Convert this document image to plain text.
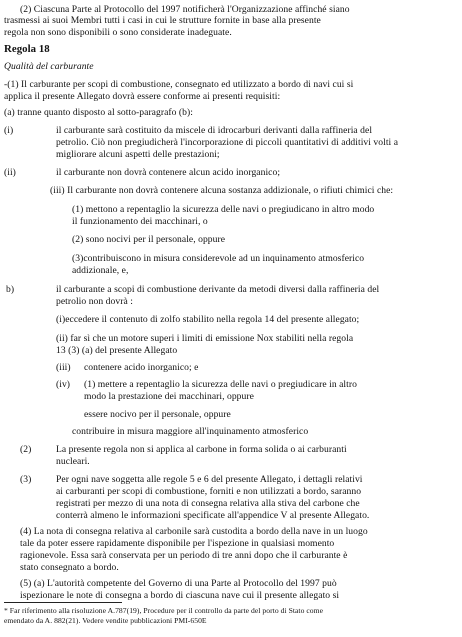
(2) Ciascuna Parte al Protocollo del 1997 notificherà l'Organizzazione affinché siano
trasmessi ai suoi Membri tutti i casi in cui le strutture fornite in base alla presente
regola non sono disponibili o sono considerate inadeguate.
Regola 18
Qualità del carburante
-(1) Il carburante per scopi di combustione, consegnato ed utilizzato a bordo di navi cui si
applica il presente Allegato dovrà essere conforme ai presenti requisiti:
(a) tranne quanto disposto al sotto-paragrafo (b):
(i)	il carburante sarà costituito da miscele di idrocarburi derivanti dalla raffineria del
petrolio. Ciò non pregiudicherà l'incorporazione di piccoli quantitativi di additivi volti a
migliorare alcuni aspetti delle prestazioni;
(ii)	il carburante non dovrà contenere alcun acido inorganico;
(iii) Il carburante non dovrà contenere alcuna sostanza addizionale, o rifiuti chimici che:
(1) mettono a repentaglio la sicurezza delle navi o pregiudicano in altro modo
il funzionamento dei macchinari, o
(2) sono nocivi per il personale, oppure
(3)contribuiscono in misura considerevole ad un inquinamento atmosferico
addizionale, e,
b)	il carburante a scopi di combustione derivante da metodi diversi dalla raffineria del
petrolio non dovrà :
(i)eccedere il contenuto di zolfo stabilito nella regola 14 del presente allegato;
(ii) far sì che un motore superi i limiti di emissione Nox stabiliti nella regola
13 (3) (a) del presente Allegato
(iii) contenere acido inorganico; e
(iv) (1) mettere a repentaglio la sicurezza delle navi o pregiudicare in altro
modo la prestazione dei macchinari, oppure
essere nocivo per il personale, oppure
contribuire in misura maggiore all'inquinamento atmosferico
(2)	La presente regola non si applica al carbone in forma solida o ai carburanti
nucleari.
(3)	Per ogni nave soggetta alle regole 5 e 6 del presente Allegato, i dettagli relativi
ai carburanti per scopi di combustione, forniti e non utilizzati a bordo, saranno
registrati per mezzo di una nota di consegna relativa alla stiva del carbone che
conterrà almeno le informazioni specificate all'appendice V al presente Allegato.
(4) La nota di consegna relativa al carbonile sarà custodita a bordo della nave in un luogo
tale da poter essere rapidamente disponibile per l'ispezione in qualsiasi momento
ragionevole. Essa sarà conservata per un periodo di tre anni dopo che il carburante è
stato consegnato a bordo.
(5) (a) L'autorità competente del Governo di una Parte al Protocollo del 1997 può
ispezionare le note di consegna a bordo di ciascuna nave cui il presente allegato si
* Far riferimento alla risoluzione A.787(19), Procedure per il controllo da parte del porto di Stato come
emendato da A. 882(21). Vedere vendite pubblicazioni PMI-650E
